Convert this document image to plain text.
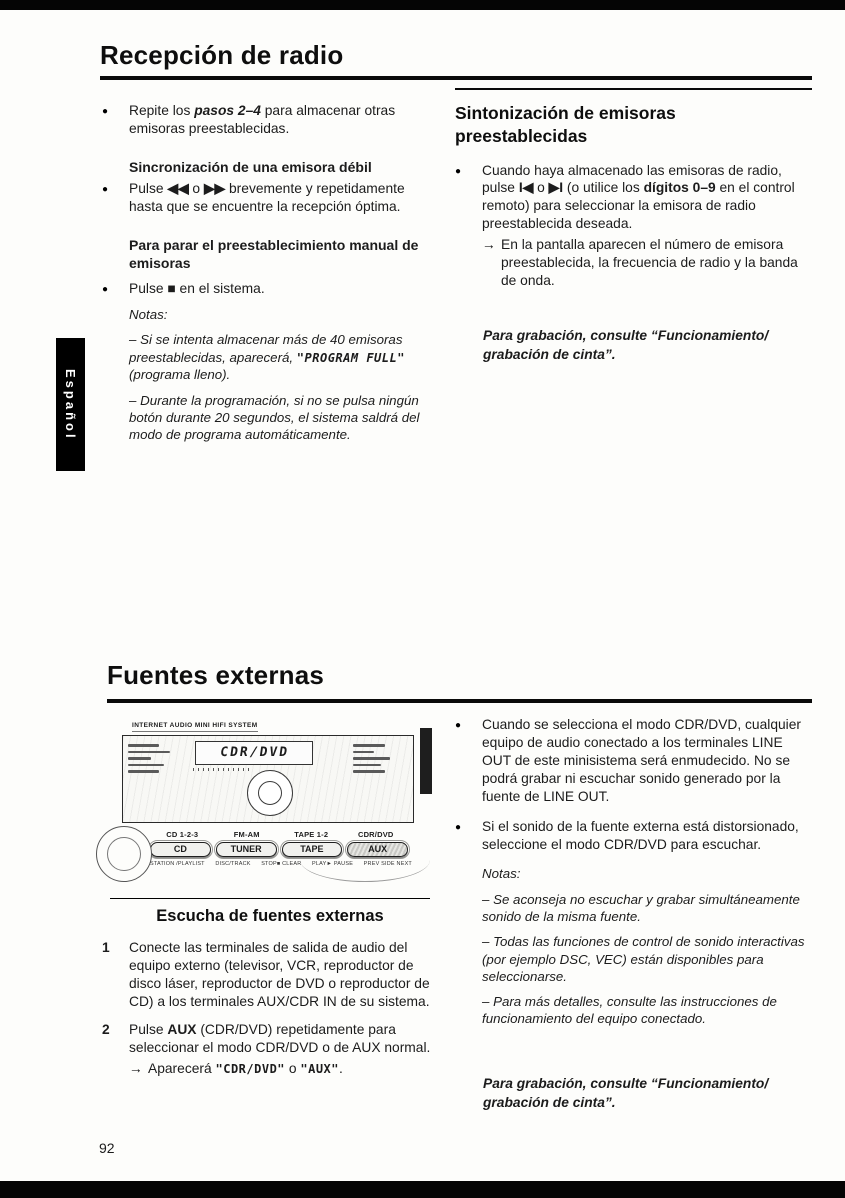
Español
Recepción de radio
●	Repite los pasos 2–4 para almacenar otras emisoras preestablecidas.
Sincronización de una emisora débil
●	Pulse ◀◀ o ▶▶ brevemente y repetidamente hasta que se encuentre la recepción óptima.
Para parar el preestablecimiento manual de emisoras
●	Pulse ■ en el sistema.
Notas:
– Si se intenta almacenar más de 40 emisoras preestablecidas, aparecerá, "PROGRAM FULL" (programa lleno).
– Durante la programación, si no se pulsa ningún botón durante 20 segundos, el sistema saldrá del modo de programa automáticamente.
Sintonización de emisoras preestablecidas
●	Cuando haya almacenado las emisoras de radio, pulse I◀ o ▶I (o utilice los dígitos 0–9 en el control remoto) para seleccionar la emisora de radio preestablecida deseada.
→ En la pantalla aparecen el número de emisora preestablecida, la frecuencia de radio y la banda de onda.
Para grabación, consulte “Funcionamiento/ grabación de cinta”.
Fuentes externas
INTERNET AUDIO MINI HIFI SYSTEM
CDR/DVD
CD 1-2-3	FM-AM	TAPE 1-2	CDR/DVD
CD	TUNER	TAPE	AUX
STATION /PLAYLIST DISC/TRACK STOP■ CLEAR PLAY► PAUSE PREV SIDE NEXT
Escucha de fuentes externas
1	Conecte las terminales de salida de audio del equipo externo (televisor, VCR, reproductor de disco láser, reproductor de DVD o reproductor de CD) a los terminales AUX/CDR IN de su sistema.
2	Pulse AUX (CDR/DVD) repetidamente para seleccionar el modo CDR/DVD o de AUX normal.
→ Aparecerá "CDR/DVD" o "AUX".
●	Cuando se selecciona el modo CDR/DVD, cualquier equipo de audio conectado a los terminales LINE OUT de este minisistema será enmudecido. No se podrá grabar ni escuchar sonido generado por la fuente de LINE OUT.
●	Si el sonido de la fuente externa está distorsionado, seleccione el modo CDR/DVD para escuchar.
Notas:
– Se aconseja no escuchar y grabar simultáneamente sonido de la misma fuente.
– Todas las funciones de control de sonido interactivas (por ejemplo DSC, VEC) están disponibles para seleccionarse.
– Para más detalles, consulte las instrucciones de funcionamiento del equipo conectado.
Para grabación, consulte “Funcionamiento/ grabación de cinta”.
92
